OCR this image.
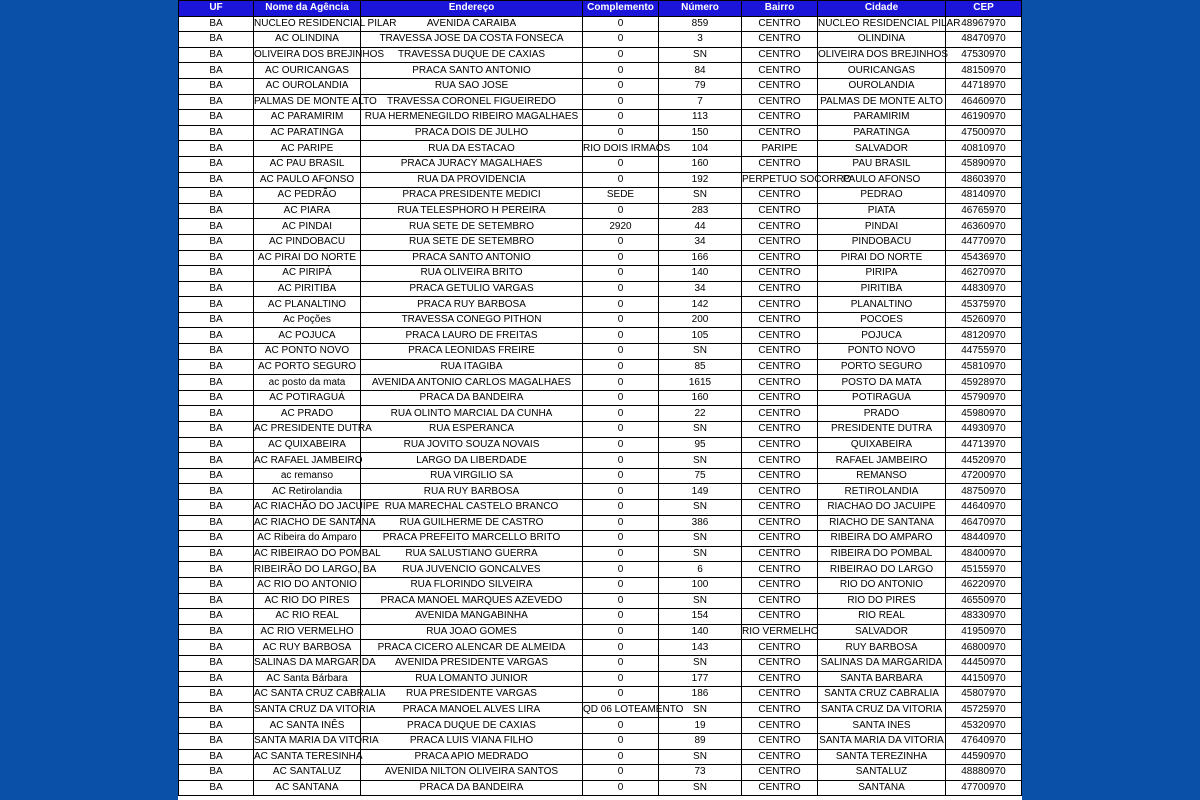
UF	Nome da Agência	Endereço	Complemento	Número	Bairro	Cidade	CEP
BA	NUCLEO RESIDENCIAL PILAR	AVENIDA CARAIBA	0	859	CENTRO	NUCLEO RESIDENCIAL PILAR	48967970
BA	AC OLINDINA	TRAVESSA JOSE DA COSTA FONSECA	0	3	CENTRO	OLINDINA	48470970
BA	OLIVEIRA DOS BREJINHOS	TRAVESSA DUQUE DE CAXIAS	0	SN	CENTRO	OLIVEIRA DOS BREJINHOS	47530970
BA	AC OURICANGAS	PRACA SANTO ANTONIO	0	84	CENTRO	OURICANGAS	48150970
BA	AC OUROLANDIA	RUA SAO JOSE	0	79	CENTRO	OUROLANDIA	44718970
BA	PALMAS DE MONTE ALTO	TRAVESSA CORONEL FIGUEIREDO	0	7	CENTRO	PALMAS DE MONTE ALTO	46460970
BA	AC PARAMIRIM	RUA HERMENEGILDO RIBEIRO MAGALHAES	0	113	CENTRO	PARAMIRIM	46190970
BA	AC PARATINGA	PRACA DOIS DE JULHO	0	150	CENTRO	PARATINGA	47500970
BA	AC PARIPE	RUA DA ESTACAO	RIO DOIS IRMAOS	104	PARIPE	SALVADOR	40810970
BA	AC PAU BRASIL	PRACA JURACY MAGALHAES	0	160	CENTRO	PAU BRASIL	45890970
BA	AC PAULO AFONSO	RUA DA PROVIDENCIA	0	192	PERPETUO SOCORRO	PAULO AFONSO	48603970
BA	AC PEDRÃO	PRACA PRESIDENTE MEDICI	SEDE	SN	CENTRO	PEDRAO	48140970
BA	AC PIARA	RUA TELESPHORO H PEREIRA	0	283	CENTRO	PIATA	46765970
BA	AC PINDAI	RUA SETE DE SETEMBRO	2920	44	CENTRO	PINDAI	46360970
BA	AC PINDOBACU	RUA SETE DE SETEMBRO	0	34	CENTRO	PINDOBACU	44770970
BA	AC PIRAI DO NORTE	PRACA SANTO ANTONIO	0	166	CENTRO	PIRAI DO NORTE	45436970
BA	AC PIRIPÁ	RUA OLIVEIRA BRITO	0	140	CENTRO	PIRIPA	46270970
BA	AC PIRITIBA	PRACA GETULIO VARGAS	0	34	CENTRO	PIRITIBA	44830970
BA	AC PLANALTINO	PRACA RUY BARBOSA	0	142	CENTRO	PLANALTINO	45375970
BA	Ac Poções	TRAVESSA CONEGO PITHON	0	200	CENTRO	POCOES	45260970
BA	AC POJUCA	PRACA LAURO DE FREITAS	0	105	CENTRO	POJUCA	48120970
BA	AC PONTO NOVO	PRACA LEONIDAS FREIRE	0	SN	CENTRO	PONTO NOVO	44755970
BA	AC PORTO SEGURO	RUA ITAGIBA	0	85	CENTRO	PORTO SEGURO	45810970
BA	ac posto da mata	AVENIDA ANTONIO CARLOS MAGALHAES	0	1615	CENTRO	POSTO DA MATA	45928970
BA	AC POTIRAGUÁ	PRACA DA BANDEIRA	0	160	CENTRO	POTIRAGUA	45790970
BA	AC PRADO	RUA OLINTO MARCIAL DA CUNHA	0	22	CENTRO	PRADO	45980970
BA	AC PRESIDENTE DUTRA	RUA ESPERANCA	0	SN	CENTRO	PRESIDENTE DUTRA	44930970
BA	AC QUIXABEIRA	RUA JOVITO SOUZA NOVAIS	0	95	CENTRO	QUIXABEIRA	44713970
BA	AC RAFAEL JAMBEIRO	LARGO DA LIBERDADE	0	SN	CENTRO	RAFAEL JAMBEIRO	44520970
BA	ac remanso	RUA VIRGILIO SA	0	75	CENTRO	REMANSO	47200970
BA	AC Retirolandia	RUA RUY BARBOSA	0	149	CENTRO	RETIROLANDIA	48750970
BA	AC RIACHÃO DO JACUÍPE	RUA MARECHAL CASTELO BRANCO	0	SN	CENTRO	RIACHAO DO JACUIPE	44640970
BA	AC RIACHO DE SANTANA	RUA GUILHERME DE CASTRO	0	386	CENTRO	RIACHO DE SANTANA	46470970
BA	AC Ribeira do Amparo	PRACA PREFEITO MARCELLO BRITO	0	SN	CENTRO	RIBEIRA DO AMPARO	48440970
BA	AC RIBEIRAO DO POMBAL	RUA SALUSTIANO GUERRA	0	SN	CENTRO	RIBEIRA DO POMBAL	48400970
BA	RIBEIRÃO DO LARGO, BA	RUA JUVENCIO GONCALVES	0	6	CENTRO	RIBEIRAO DO LARGO	45155970
BA	AC RIO DO ANTONIO	RUA FLORINDO SILVEIRA	0	100	CENTRO	RIO DO ANTONIO	46220970
BA	AC RIO DO PIRES	PRACA MANOEL MARQUES AZEVEDO	0	SN	CENTRO	RIO DO PIRES	46550970
BA	AC RIO REAL	AVENIDA MANGABINHA	0	154	CENTRO	RIO REAL	48330970
BA	AC RIO VERMELHO	RUA JOAO GOMES	0	140	RIO VERMELHO	SALVADOR	41950970
BA	AC RUY BARBOSA	PRACA CICERO ALENCAR DE ALMEIDA	0	143	CENTRO	RUY BARBOSA	46800970
BA	SALINAS DA MARGARIDA	AVENIDA PRESIDENTE VARGAS	0	SN	CENTRO	SALINAS DA MARGARIDA	44450970
BA	AC Santa Bárbara	RUA LOMANTO JUNIOR	0	177	CENTRO	SANTA BARBARA	44150970
BA	AC SANTA CRUZ CABRALIA	RUA PRESIDENTE VARGAS	0	186	CENTRO	SANTA CRUZ CABRALIA	45807970
BA	SANTA CRUZ DA VITORIA	PRACA MANOEL ALVES LIRA	QD 06 LOTEAMENTO	SN	CENTRO	SANTA CRUZ DA VITORIA	45725970
BA	AC SANTA INÊS	PRACA DUQUE DE CAXIAS	0	19	CENTRO	SANTA INES	45320970
BA	SANTA MARIA DA VITORIA	PRACA LUIS VIANA FILHO	0	89	CENTRO	SANTA MARIA DA VITORIA	47640970
BA	AC SANTA TERESINHA	PRACA APIO MEDRADO	0	SN	CENTRO	SANTA TEREZINHA	44590970
BA	AC SANTALUZ	AVENIDA NILTON OLIVEIRA SANTOS	0	73	CENTRO	SANTALUZ	48880970
BA	AC SANTANA	PRACA DA BANDEIRA	0	SN	CENTRO	SANTANA	47700970
